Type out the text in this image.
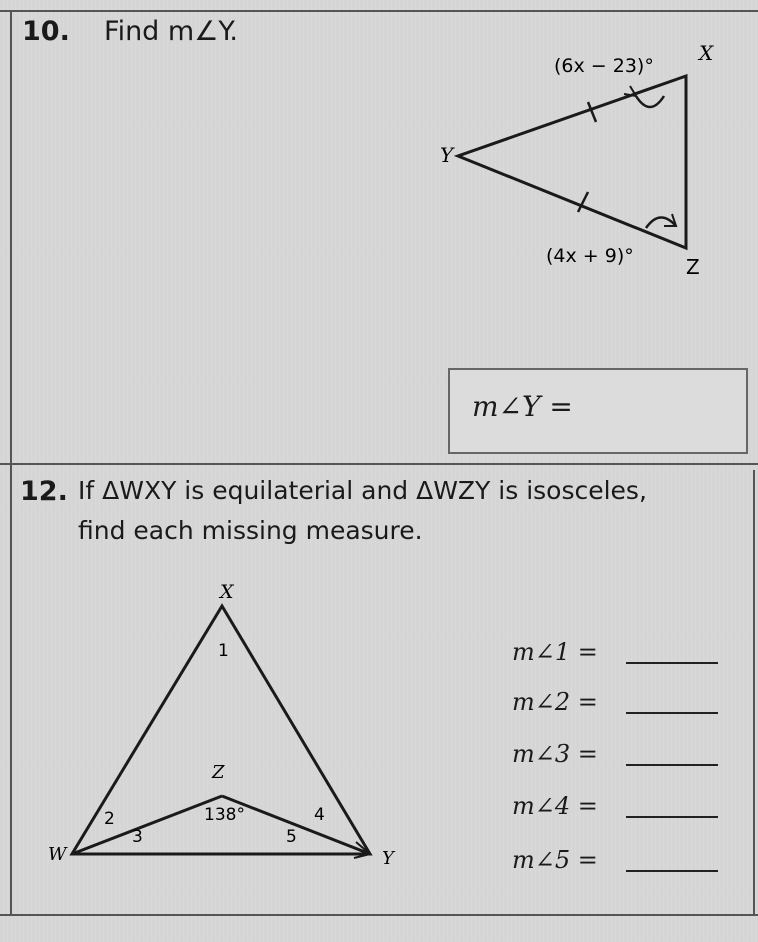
10. Find m∠Y.
(6x − 23)°
X
Y
(4x + 9)°	Z
m∠Y =
12. If ΔWXY is equilaterial and ΔWZY is isosceles,
find each missing measure.
X
1
Z
138°
2
3
4
5
W	Y
m∠1 =
m∠2 =
m∠3 =
m∠4 =
m∠5 =
